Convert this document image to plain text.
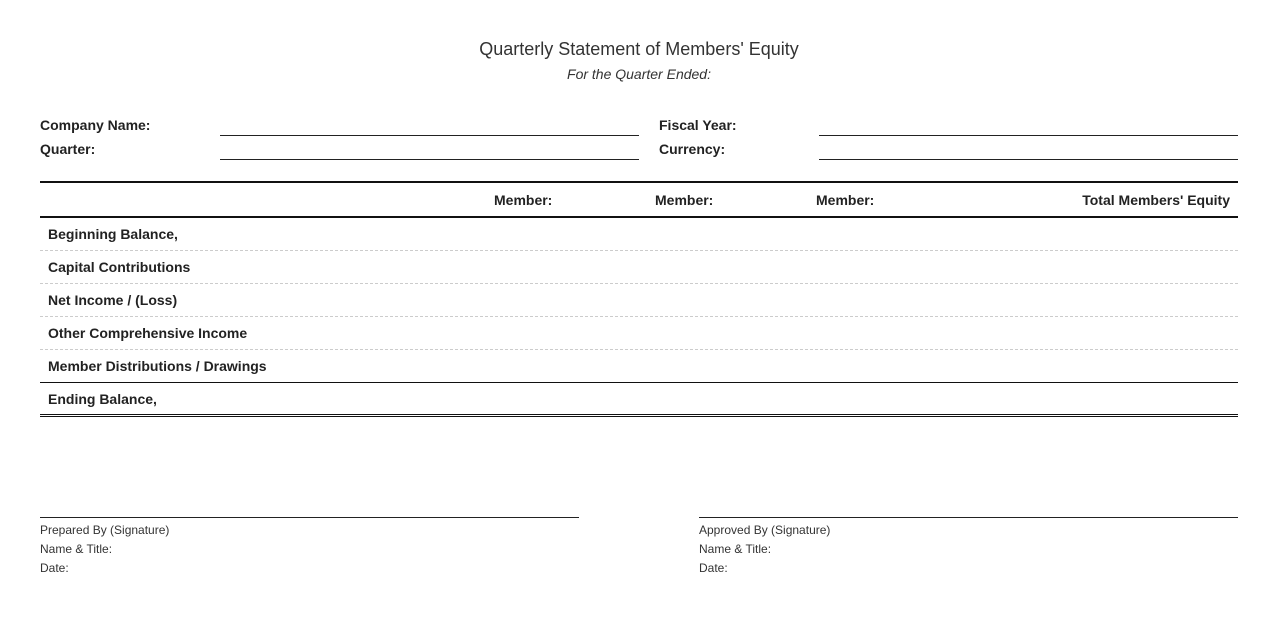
Quarterly Statement of Members' Equity
For the Quarter Ended:
Company Name:
Quarter:
Fiscal Year:
Currency:
Member:	Member:	Member:	Total Members' Equity
Beginning Balance,
Capital Contributions
Net Income / (Loss)
Other Comprehensive Income
Member Distributions / Drawings
Ending Balance,
Prepared By (Signature)
Name & Title:
Date:
Approved By (Signature)
Name & Title:
Date:
